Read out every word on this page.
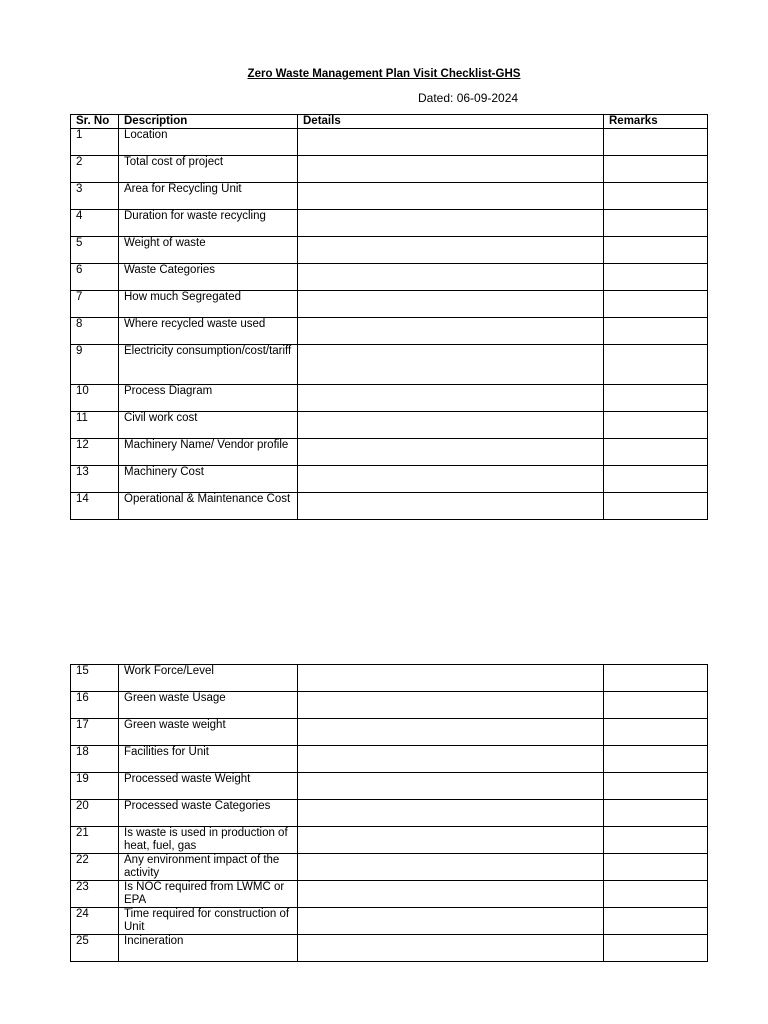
Zero Waste Management Plan Visit Checklist-GHS
Dated: 06-09-2024
Sr. No	Description	Details	Remarks
1	Location		
2	Total cost of project		
3	Area for Recycling Unit		
4	Duration for waste recycling		
5	Weight of waste		
6	Waste Categories		
7	How much Segregated		
8	Where recycled waste used		
9	Electricity consumption/cost/tariff		
10	Process Diagram		
11	Civil work cost		
12	Machinery Name/ Vendor profile		
13	Machinery Cost		
14	Operational & Maintenance Cost		
15	Work Force/Level		
16	Green waste Usage		
17	Green waste weight		
18	Facilities for Unit		
19	Processed waste Weight		
20	Processed waste Categories		
21	Is waste is used in production of heat, fuel, gas		
22	Any environment impact of the activity		
23	Is NOC required from LWMC or EPA		
24	Time required for construction of Unit		
25	Incineration		
